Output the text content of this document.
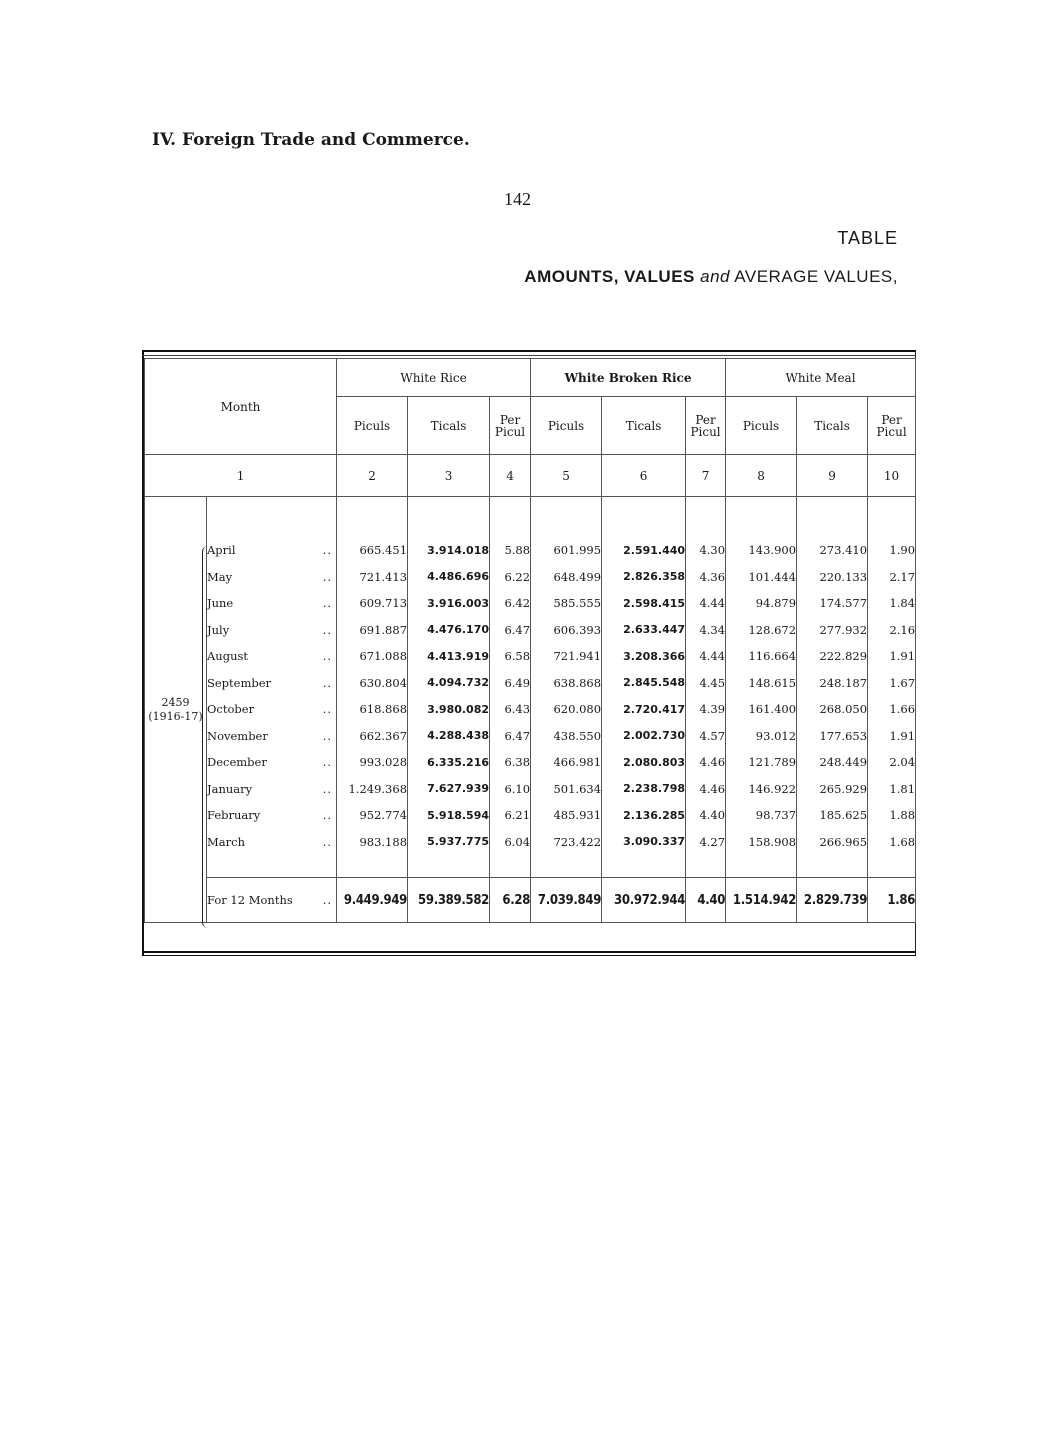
IV. Foreign Trade and Commerce.
142
TABLE
AMOUNTS, VALUES and AVERAGE VALUES,
Month		White Rice			White Broken Rice			White Meal		
		Piculs	Ticals	Per Picul	Piculs	Ticals	Per Picul	Piculs	Ticals	Per Picul
1		2	3	4	5	6	7	8	9	10

2459
(1916-17)										

	April ..	665.451	3.914.018	5.88	601.995	2.591.440	4.30	143.900	273.410	1.90
	May ..	721.413	4.486.696	6.22	648.499	2.826.358	4.36	101.444	220.133	2.17
	June ..	609.713	3.916.003	6.42	585.555	2.598.415	4.44	94.879	174.577	1.84
	July ..	691.887	4.476.170	6.47	606.393	2.633.447	4.34	128.672	277.932	2.16
	August ..	671.088	4.413.919	6.58	721.941	3.208.366	4.44	116.664	222.829	1.91
	September ..	630.804	4.094.732	6.49	638.868	2.845.548	4.45	148.615	248.187	1.67
	October ..	618.868	3.980.082	6.43	620.080	2.720.417	4.39	161.400	268.050	1.66
	November ..	662.367	4.288.438	6.47	438.550	2.002.730	4.57	93.012	177.653	1.91
	December ..	993.028	6.335.216	6.38	466.981	2.080.803	4.46	121.789	248.449	2.04
	January ..	1.249.368	7.627.939	6.10	501.634	2.238.798	4.46	146.922	265.929	1.81
	February ..	952.774	5.918.594	6.21	485.931	2.136.285	4.40	98.737	185.625	1.88
	March ..	983.188	5.937.775	6.04	723.422	3.090.337	4.27	158.908	266.965	1.68

	For 12 Months ..	9.449.949	59.389.582	6.28	7.039.849	30.972.944	4.40	1.514.942	2.829.739	1.86
